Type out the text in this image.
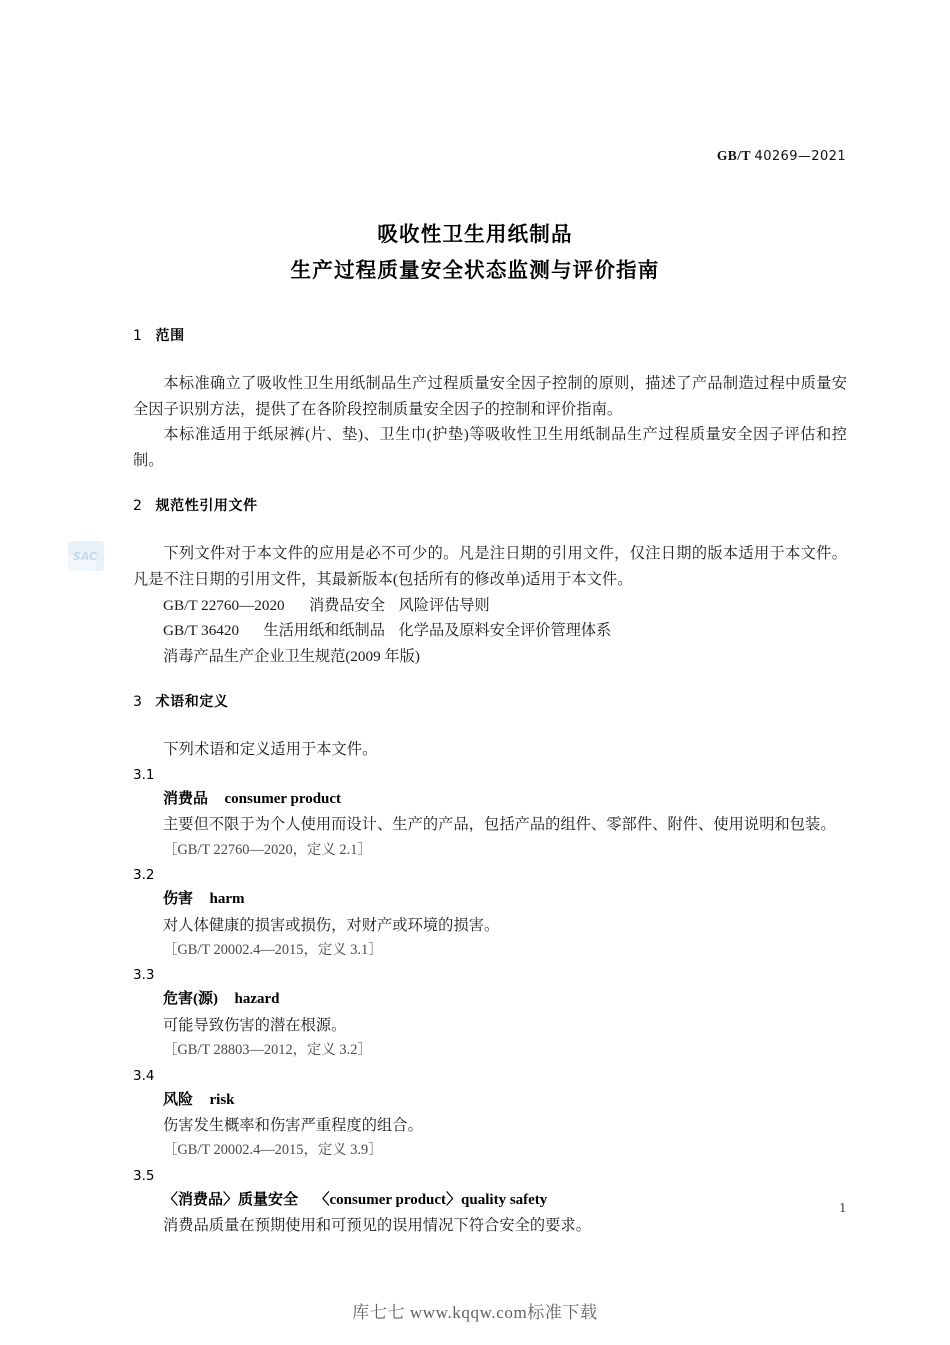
GB/T 40269—2021
吸收性卫生用纸制品
生产过程质量安全状态监测与评价指南
SAC

1 范围

本标准确立了吸收性卫生用纸制品生产过程质量安全因子控制的原则，描述了产品制造过程中质量安全因子识别方法，提供了在各阶段控制质量安全因子的控制和评价指南。

本标准适用于纸尿裤(片、垫)、卫生巾(护垫)等吸收性卫生用纸制品生产过程质量安全因子评估和控制。

2 规范性引用文件

下列文件对于本文件的应用是必不可少的。凡是注日期的引用文件，仅注日期的版本适用于本文件。凡是不注日期的引用文件，其最新版本(包括所有的修改单)适用于本文件。

GB/T 22760—2020 消费品安全 风险评估导则

GB/T 36420 生活用纸和纸制品 化学品及原料安全评价管理体系

消毒产品生产企业卫生规范(2009 年版)

3 术语和定义

下列术语和定义适用于本文件。

3.1

消费品 consumer product

主要但不限于为个人使用而设计、生产的产品，包括产品的组件、零部件、附件、使用说明和包装。

［GB/T 22760—2020，定义 2.1］

3.2

伤害 harm

对人体健康的损害或损伤，对财产或环境的损害。

［GB/T 20002.4—2015，定义 3.1］

3.3

危害(源) hazard

可能导致伤害的潜在根源。

［GB/T 28803—2012，定义 3.2］

3.4

风险 risk

伤害发生概率和伤害严重程度的组合。

［GB/T 20002.4—2015，定义 3.9］

3.5

〈消费品〉质量安全 〈consumer product〉quality safety

消费品质量在预期使用和可预见的误用情况下符合安全的要求。

1
库七七 www.kqqw.com标准下载
